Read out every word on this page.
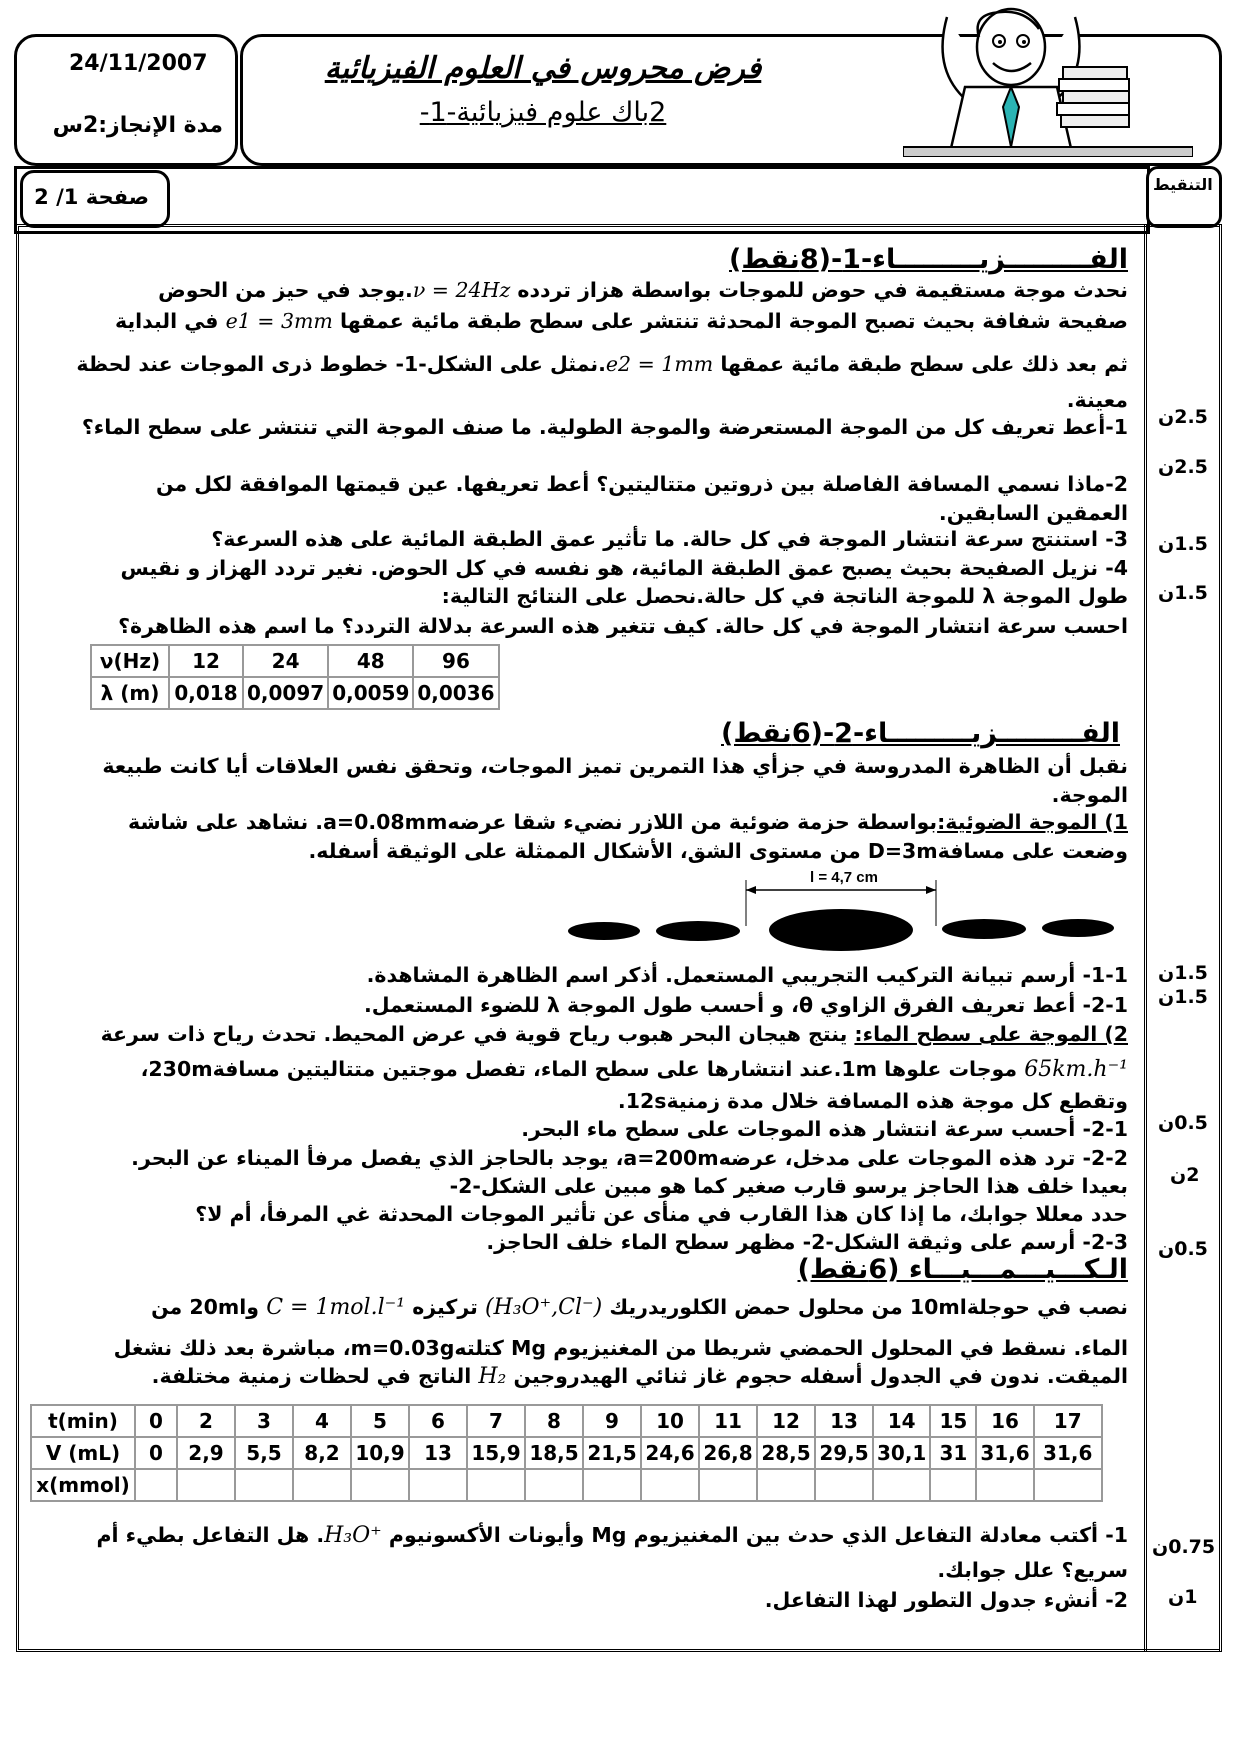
24/11/2007
مدة الإنجاز:2س
فرض محروس في العلوم الفيزيائية
2باك علوم فيزيائية-1-
صفحة 1/ 2
التنقيط
الفـــــــــزيـــــــــاء-1-(8نقط)
نحدث موجة مستقيمة في حوض للموجات بواسطة هزاز تردده ν = 24Hz.يوجد في حيز من الحوض
صفيحة شفافة بحيث تصبح الموجة المحدثة تنتشر على سطح طبقة مائية عمقها e1 = 3mm في البداية
ثم بعد ذلك على سطح طبقة مائية عمقها e2 = 1mm.نمثل على الشكل-1- خطوط ذرى الموجات عند لحظة معينة.
1-أعط تعريف كل من الموجة المستعرضة والموجة الطولية. ما صنف الموجة التي تنتشر على سطح الماء؟
2-ماذا نسمي المسافة الفاصلة بين ذروتين متتاليتين؟ أعط تعريفها. عين قيمتها الموافقة لكل من العمقين السابقين.
3- استنتج سرعة انتشار الموجة في كل حالة. ما تأثير عمق الطبقة المائية على هذه السرعة؟
4- نزيل الصفيحة بحيث يصبح عمق الطبقة المائية، هو نفسه في كل الحوض. نغير تردد الهزاز و نقيس
طول الموجة λ للموجة الناتجة في كل حالة.نحصل على النتائج التالية:
احسب سرعة انتشار الموجة في كل حالة. كيف تتغير هذه السرعة بدلالة التردد؟ ما اسم هذه الظاهرة؟
ν(Hz)	12	24	48	96
λ (m)	0,018	0,0097	0,0059	0,0036
2.5ن
2.5ن
1.5ن
1.5ن
الفـــــــــزيـــــــــاء-2-(6نقط)
نقبل أن الظاهرة المدروسة في جزأي هذا التمرين تميز الموجات، وتحقق نفس العلاقات أيا كانت طبيعة الموجة.
1) الموجة الضوئية:بواسطة حزمة ضوئية من اللازر نضيء شقا عرضهa=0.08mm. نشاهد على شاشة وضعت على مسافةD=3m من مستوى الشق، الأشكال الممثلة على الوثيقة أسفله.
l = 4,7 cm
1-1- أرسم تبيانة التركيب التجريبي المستعمل. أذكر اسم الظاهرة المشاهدة.
2-1- أعط تعريف الفرق الزاوي θ، و أحسب طول الموجة λ للضوء المستعمل.
2) الموجة على سطح الماء: ينتج هيجان البحر هبوب رياح قوية في عرض المحيط. تحدث رياح ذات سرعة
65km.h⁻¹ موجات علوها 1m.عند انتشارها على سطح الماء، تفصل موجتين متتاليتين مسافة230m،
وتقطع كل موجة هذه المسافة خلال مدة زمنية12s.
2-1- أحسب سرعة انتشار هذه الموجات على سطح ماء البحر.
2-2- ترد هذه الموجات على مدخل، عرضهa=200m، يوجد بالحاجز الذي يفصل مرفأ الميناء عن البحر.
بعيدا خلف هذا الحاجز يرسو قارب صغير كما هو مبين على الشكل-2-
حدد معللا جوابك، ما إذا كان هذا القارب في منأى عن تأثير الموجات المحدثة غي المرفأ، أم لا؟
2-3- أرسم على وثيقة الشكل-2- مظهر سطح الماء خلف الحاجز.
1.5ن
1.5ن
0.5ن
2ن
0.5ن
الـكـــيـــمـــيـــاء (6نقط)
نصب في حوجلة10ml من محلول حمض الكلوريدريك (H₃O⁺,Cl⁻) تركيزه C = 1mol.l⁻¹ و20ml من
الماء. نسقط في المحلول الحمضي شريطا من المغنيزيوم Mg كتلتهm=0.03g، مباشرة بعد ذلك نشغل
الميقت. ندون في الجدول أسفله حجوم غاز ثنائي الهيدروجين H₂ الناتج في لحظات زمنية مختلفة.
t(min)	0	2	3	4	5	6	7	8	9	10	11	12	13	14	15	16	17
V (mL)	0	2,9	5,5	8,2	10,9	13	15,9	18,5	21,5	24,6	26,8	28,5	29,5	30,1	31	31,6	31,6
x(mmol)																	
1- أكتب معادلة التفاعل الذي حدث بين المغنيزيوم Mg وأيونات الأكسونيوم H₃O⁺. هل التفاعل بطيء أم
سريع؟ علل جوابك.
2- أنشء جدول التطور لهذا التفاعل.
0.75ن
1ن
